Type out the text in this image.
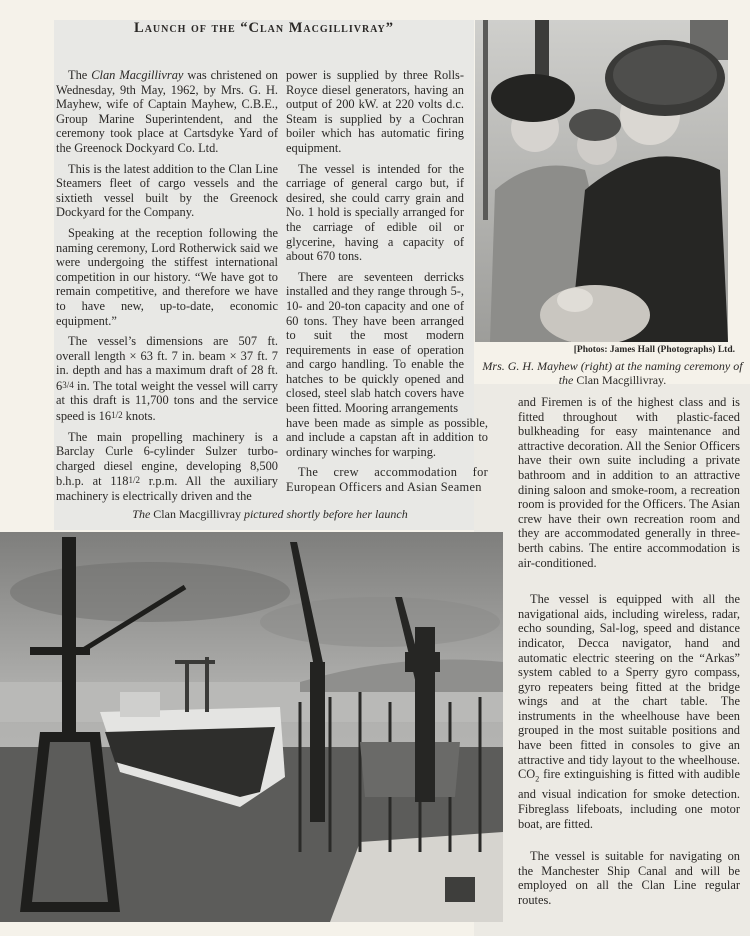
Launch of the “Clan Macgillivray”

The Clan Macgillivray was christened on Wednesday, 9th May, 1962, by Mrs. G. H. Mayhew, wife of Captain Mayhew, C.B.E., Group Marine Superintendent, and the ceremony took place at Cartsdyke Yard of the Greenock Dockyard Co. Ltd.

This is the latest addition to the Clan Line Steamers fleet of cargo vessels and the sixtieth vessel built by the Greenock Dockyard for the Company.

Speaking at the reception following the naming ceremony, Lord Rotherwick said we were undergoing the stiffest international competition in our history. “We have got to remain competitive, and therefore we have to have new, up-to-date, economic equipment.”

The vessel’s dimensions are 507 ft. overall length × 63 ft. 7 in. beam × 37 ft. 7 in. depth and has a maximum draft of 28 ft. 63/4 in. The total weight the vessel will carry at this draft is 11,700 tons and the service speed is 161/2 knots.

The main propelling machinery is a Barclay Curle 6-cylinder Sulzer turbo-charged diesel engine, developing 8,500 b.h.p. at 1181/2 r.p.m. All the auxiliary machinery is electrically driven and the

power is supplied by three Rolls-Royce diesel generators, having an output of 200 kW. at 220 volts d.c. Steam is supplied by a Cochran boiler which has automatic firing equipment.

The vessel is intended for the carriage of general cargo but, if desired, she could carry grain and No. 1 hold is specially arranged for the carriage of edible oil or glycerine, having a capacity of about 670 tons.

There are seventeen derricks installed and they range through 5-, 10- and 20-ton capacity and one of 60 tons. They have been arranged to suit the most modern requirements in ease of operation and cargo handling. To enable the hatches to be quickly opened and closed, steel slab hatch covers have been fitted. Mooring arrangements

have been made as simple as possible, and include a capstan aft in addition to ordinary winches for warping.

The crew accommodation for European Officers and Asian Seamen

and Firemen is of the highest class and is fitted throughout with plastic-faced bulkheading for easy maintenance and attractive decoration. All the Senior Officers have their own suite including a private bathroom and in addition to an attractive dining saloon and smoke-room, a recreation room is provided for the Officers. The Asian crew have their own recreation room and they are accommodated generally in three-berth cabins. The entire accommodation is air-conditioned.

The vessel is equipped with all the navigational aids, including wireless, radar, echo sounding, Sal-log, speed and distance indicator, Decca navigator, hand and automatic electric steering on the “Arkas” system cabled to a Sperry gyro compass, gyro repeaters being fitted at the bridge wings and at the chart table. The instruments in the wheelhouse have been grouped in the most suitable positions and have been fitted in consoles to give an attractive and tidy layout to the wheelhouse. $CO_2$ fire extinguishing is fitted with audible and visual indication for smoke detection. Fibreglass lifeboats, including one motor boat, are fitted.

The vessel is suitable for navigating on the Manchester Ship Canal and will be employed on all the Clan Line regular routes.

[Photos: James Hall (Photographs) Ltd.
Mrs. G. H. Mayhew (right) at the naming ceremony of the Clan Macgillivray.
The Clan Macgillivray pictured shortly before her launch
